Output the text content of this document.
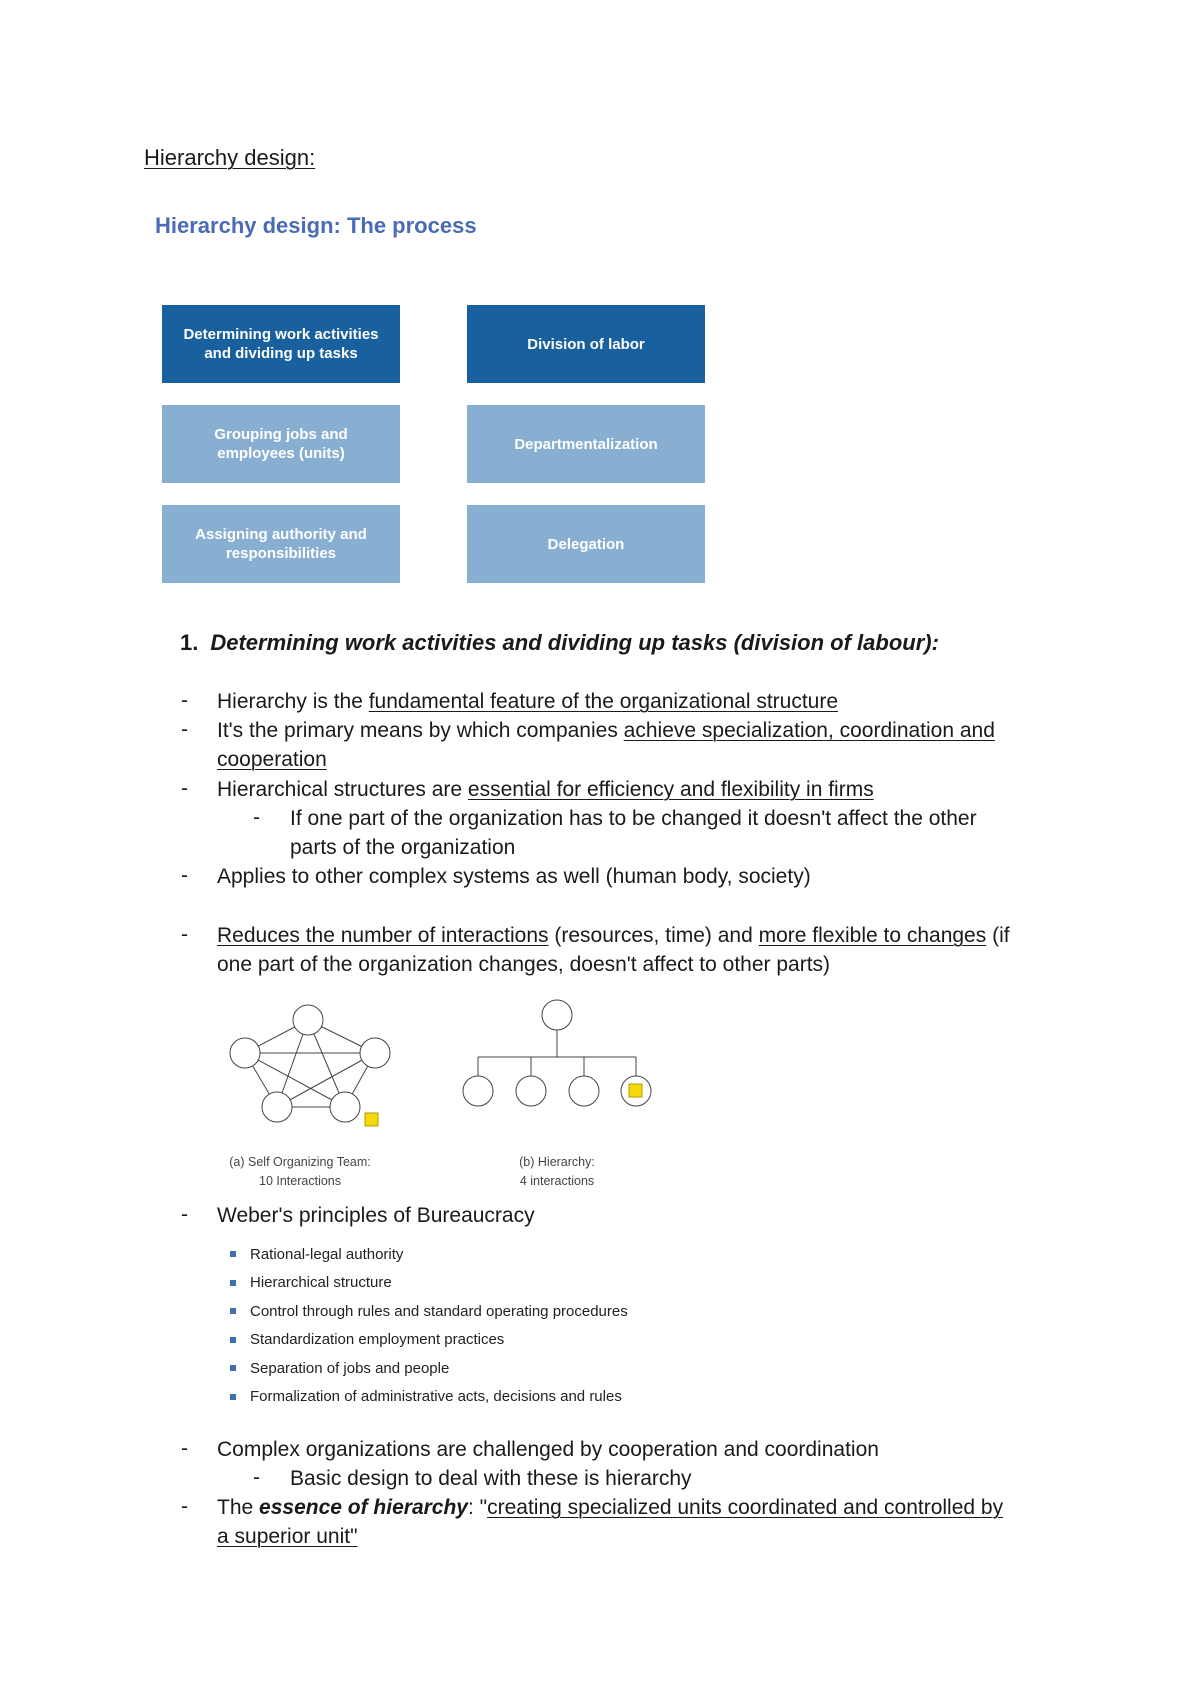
Hierarchy design:
Hierarchy design: The process
Determining work activities and dividing up tasks
Division of labor
Grouping jobs and employees (units)
Departmentalization
Assigning authority and responsibilities
Delegation
1. Determining work activities and dividing up tasks (division of labour):
- Hierarchy is the fundamental feature of the organizational structure
- It's the primary means by which companies achieve specialization, coordination and
cooperation
- Hierarchical structures are essential for efficiency and flexibility in firms
- If one part of the organization has to be changed it doesn't affect the other
parts of the organization
- Applies to other complex systems as well (human body, society)
- Reduces the number of interactions (resources, time) and more flexible to changes (if
one part of the organization changes, doesn't affect to other parts)
(a) Self Organizing Team:
10 Interactions
(b) Hierarchy:
4 interactions
- Weber's principles of Bureaucracy
Rational-legal authority
Hierarchical structure
Control through rules and standard operating procedures
Standardization employment practices
Separation of jobs and people
Formalization of administrative acts, decisions and rules
- Complex organizations are challenged by cooperation and coordination
- Basic design to deal with these is hierarchy
- The essence of hierarchy: "creating specialized units coordinated and controlled by
a superior unit"
